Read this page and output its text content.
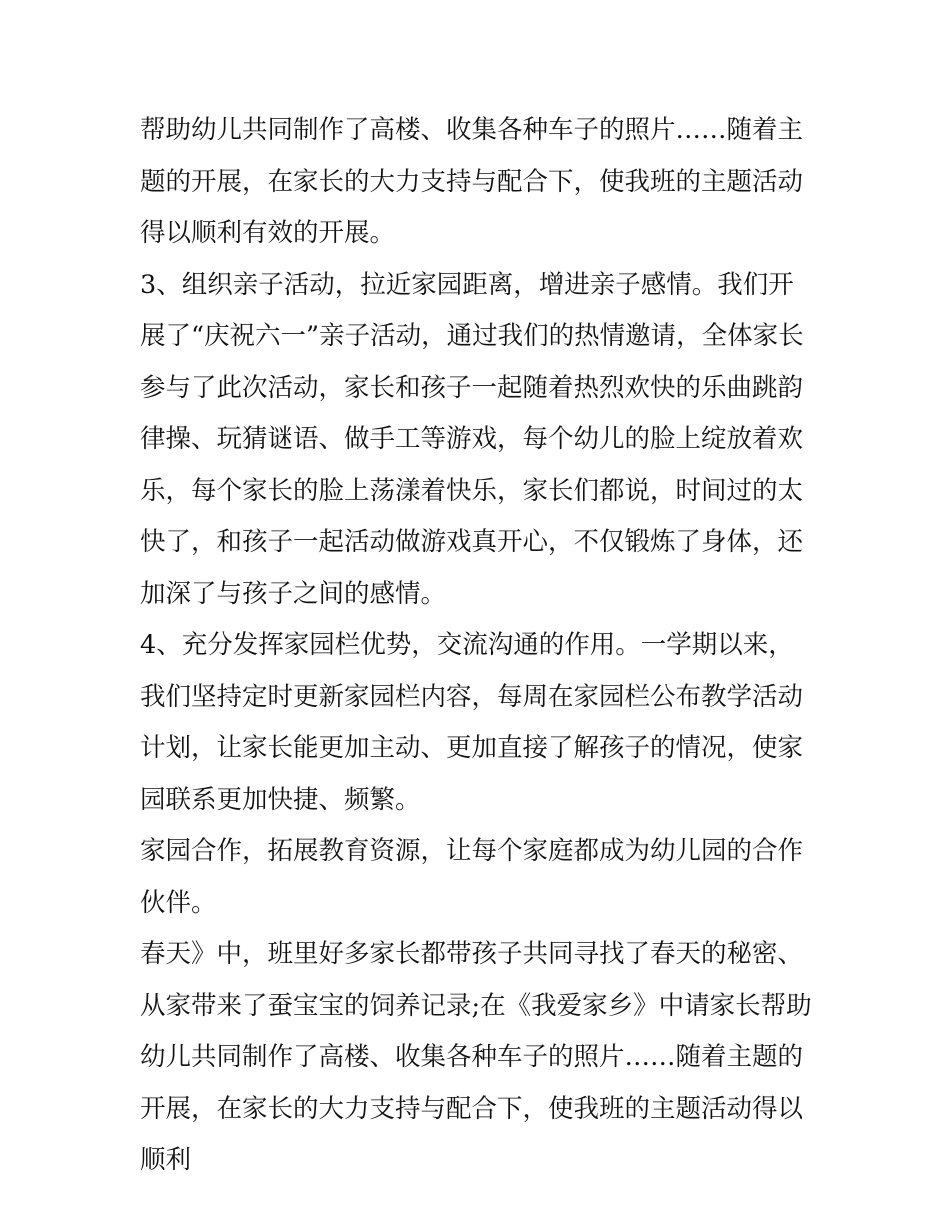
帮助幼儿共同制作了高楼、收集各种车子的照片……随着主题的开展，在家长的大力支持与配合下，使我班的主题活动得以顺利有效的开展。

3、组织亲子活动，拉近家园距离，增进亲子感情。我们开展了“庆祝六一”亲子活动，通过我们的热情邀请，全体家长参与了此次活动，家长和孩子一起随着热烈欢快的乐曲跳韵律操、玩猜谜语、做手工等游戏，每个幼儿的脸上绽放着欢乐，每个家长的脸上荡漾着快乐，家长们都说，时间过的太快了，和孩子一起活动做游戏真开心，不仅锻炼了身体，还加深了与孩子之间的感情。

4、充分发挥家园栏优势，交流沟通的作用。一学期以来，我们坚持定时更新家园栏内容，每周在家园栏公布教学活动计划，让家长能更加主动、更加直接了解孩子的情况，使家园联系更加快捷、频繁。

家园合作，拓展教育资源，让每个家庭都成为幼儿园的合作伙伴。

春天》中，班里好多家长都带孩子共同寻找了春天的秘密、从家带来了蚕宝宝的饲养记录;在《我爱家乡》中请家长帮助幼儿共同制作了高楼、收集各种车子的照片……随着主题的开展，在家长的大力支持与配合下，使我班的主题活动得以顺利
